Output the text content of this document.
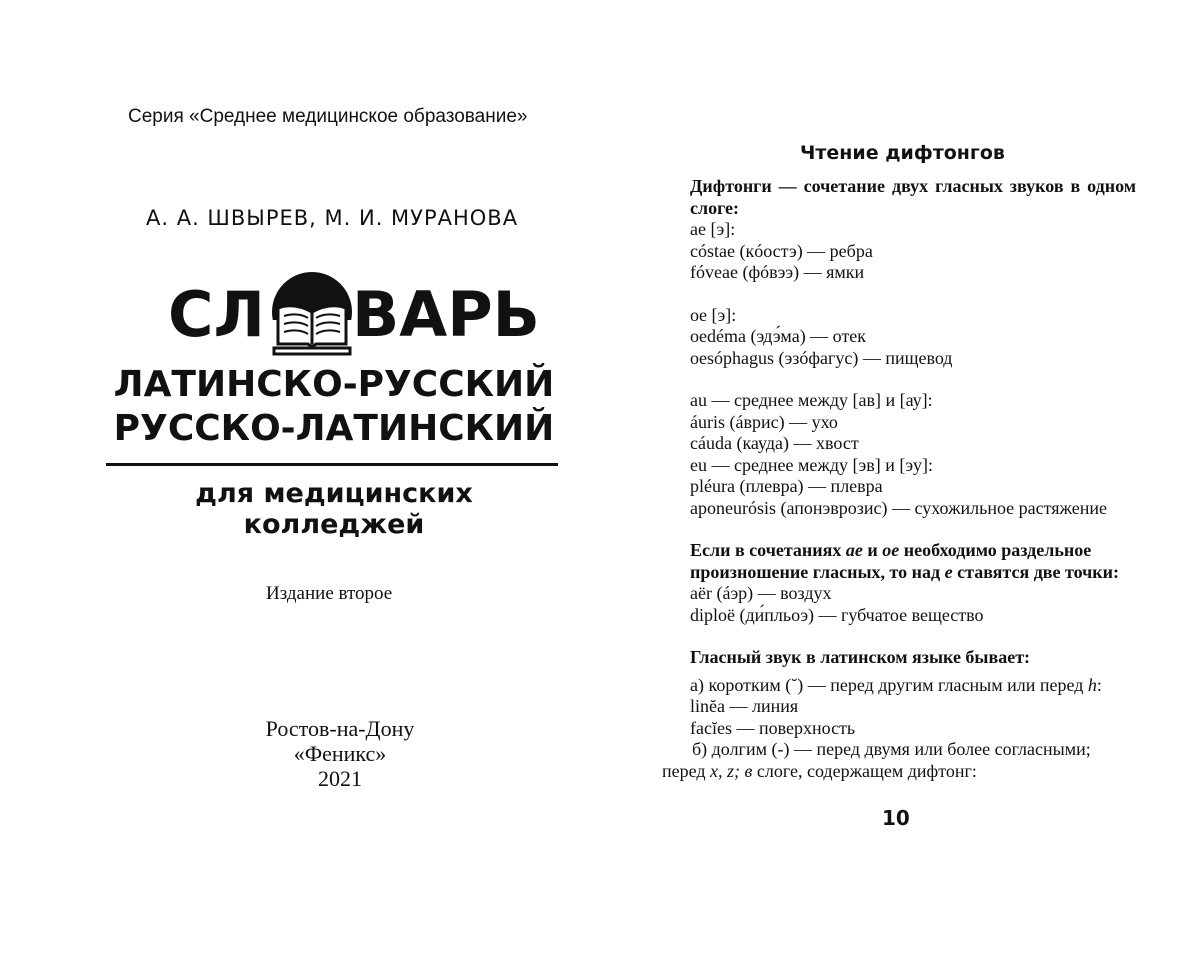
Серия «Среднее медицинское образование»
А. А. ШВЫРЕВ, М. И. МУРАНОВА
СЛ ВАРЬ
ЛАТИНСКО-РУССКИЙ
РУССКО-ЛАТИНСКИЙ
для медицинских колледжей
Издание второе
Ростов-на-Дону
«Феникс»
2021
Чтение дифтонгов
Дифтонги — сочетание двух гласных звуков в одном
слоге:
ae [э]:
cóstae (кóостэ) — ребра
fóveae (фóвээ) — ямки
oe [э]:
oedéma (эдэ́ма) — отек
oesóphagus (эзóфагус) — пищевод
au — среднее между [ав] и [ау]:
áuris (áврис) — ухо
cáuda (кауда) — хвост
eu — среднее между [эв] и [эу]:
pléura (плевра) — плевра
aponeurósis (апонэврозис) — сухожильное растяжение
Если в сочетаниях ae и oe необходимо раздельное
произношение гласных, то над e ставятся две точки:
aër (áэр) — воздух
diploë (ди́пльоэ) — губчатое вещество
Гласный звук в латинском языке бывает:
а) коротким (˘) — перед другим гласным или перед h:
linĕa — линия
facĭes — поверхность
б) долгим (-) — перед двумя или более согласными;
перед x, z; в слоге, содержащем дифтонг:
10
